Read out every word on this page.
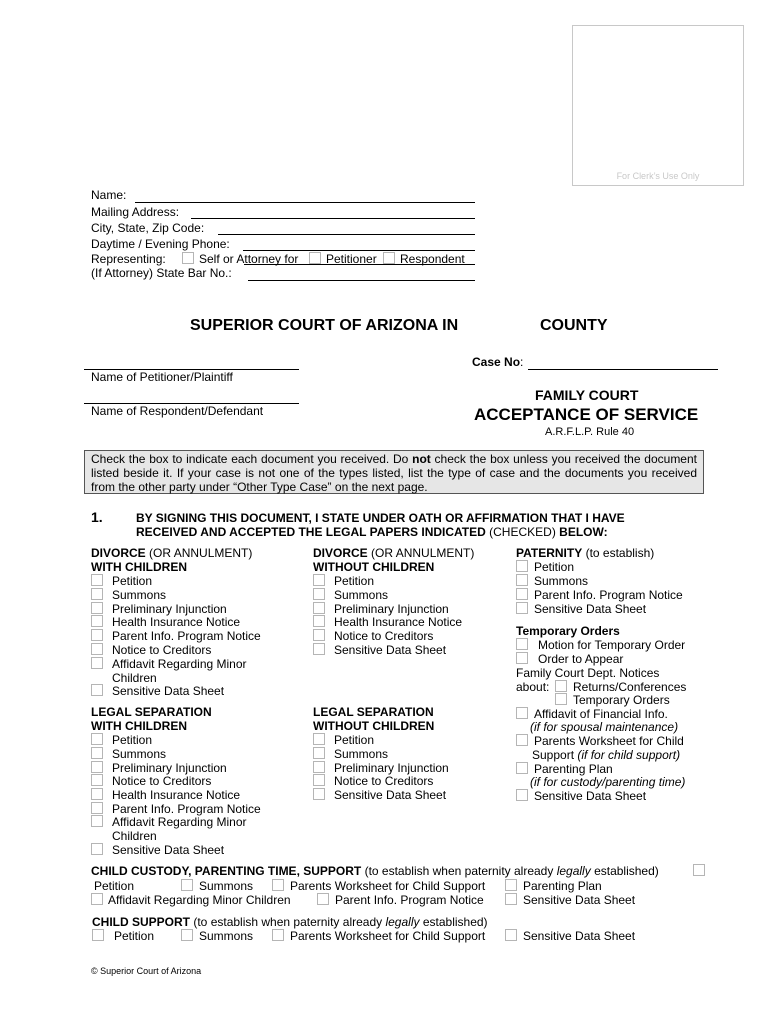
For Clerk’s Use Only
Name:
Mailing Address:
City, State, Zip Code:
Daytime / Evening Phone:
Representing:	Self or Attorney for Petitioner Respondent
(If Attorney) State Bar No.:
SUPERIOR COURT OF ARIZONA IN	COUNTY
Name of Petitioner/Plaintiff
Case No:
Name of Respondent/Defendant
FAMILY COURT
ACCEPTANCE OF SERVICE
A.R.F.L.P. Rule 40
Check the box to indicate each document you received. Do not check the box unless you received the document listed beside it. If your case is not one of the types listed, list the type of case and the documents you received from the other party under “Other Type Case” on the next page.
1.	BY SIGNING THIS DOCUMENT, I STATE UNDER OATH OR AFFIRMATION THAT I HAVE
RECEIVED AND ACCEPTED THE LEGAL PAPERS INDICATED (CHECKED) BELOW:
DIVORCE (OR ANNULMENT)
WITH CHILDREN
Petition
Summons
Preliminary Injunction
Health Insurance Notice
Parent Info. Program Notice
Notice to Creditors
Affidavit Regarding Minor
Children
Sensitive Data Sheet
LEGAL SEPARATION
WITH CHILDREN
Petition
Summons
Preliminary Injunction
Notice to Creditors
Health Insurance Notice
Parent Info. Program Notice
Affidavit Regarding Minor
Children
Sensitive Data Sheet
DIVORCE (OR ANNULMENT)
WITHOUT CHILDREN
Petition
Summons
Preliminary Injunction
Health Insurance Notice
Notice to Creditors
Sensitive Data Sheet
LEGAL SEPARATION
WITHOUT CHILDREN
Petition
Summons
Preliminary Injunction
Notice to Creditors
Sensitive Data Sheet
PATERNITY (to establish)
Petition
Summons
Parent Info. Program Notice
Sensitive Data Sheet
Temporary Orders
Motion for Temporary Order
Order to Appear
Family Court Dept. Notices
about: Returns/Conferences
Temporary Orders
Affidavit of Financial Info.
(if for spousal maintenance)
Parents Worksheet for Child
Support (if for child support)
Parenting Plan
(if for custody/parenting time)
Sensitive Data Sheet
CHILD CUSTODY, PARENTING TIME, SUPPORT (to establish when paternity already legally established)
Petition	Summons	Parents Worksheet for Child Support	Parenting Plan
Affidavit Regarding Minor Children	Parent Info. Program Notice	Sensitive Data Sheet
CHILD SUPPORT (to establish when paternity already legally established)
Petition	Summons	Parents Worksheet for Child Support	Sensitive Data Sheet
© Superior Court of Arizona
